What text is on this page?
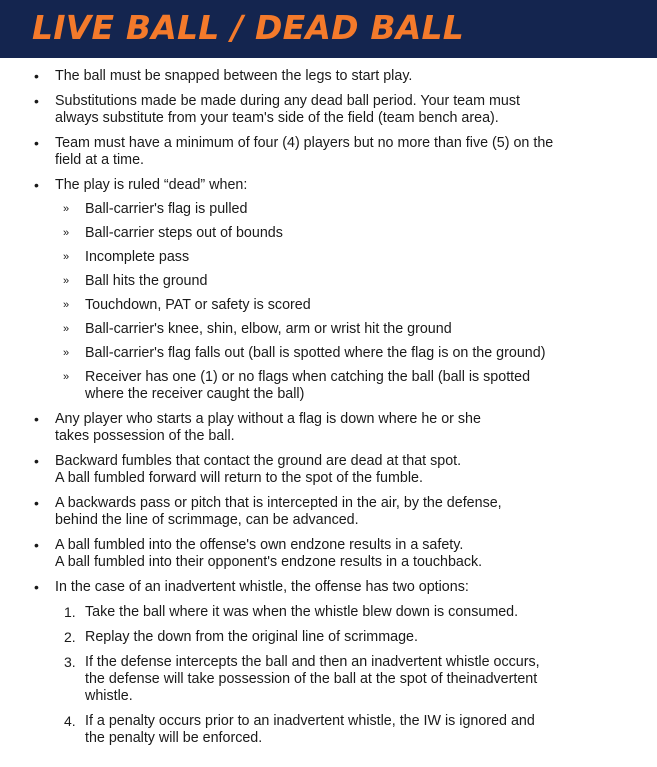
LIVE BALL / DEAD BALL
• The ball must be snapped between the legs to start play.
• Substitutions made be made during any dead ball period. Your team must
always substitute from your team's side of the field (team bench area).
• Team must have a minimum of four (4) players but no more than five (5) on the
field at a time.
• The play is ruled “dead” when:
» Ball-carrier's flag is pulled
» Ball-carrier steps out of bounds
» Incomplete pass
» Ball hits the ground
» Touchdown, PAT or safety is scored
» Ball-carrier's knee, shin, elbow, arm or wrist hit the ground
» Ball-carrier's flag falls out (ball is spotted where the flag is on the ground)
» Receiver has one (1) or no flags when catching the ball (ball is spotted
where the receiver caught the ball)
• Any player who starts a play without a flag is down where he or she
takes possession of the ball.
• Backward fumbles that contact the ground are dead at that spot.
A ball fumbled forward will return to the spot of the fumble.
• A backwards pass or pitch that is intercepted in the air, by the defense,
behind the line of scrimmage, can be advanced.
• A ball fumbled into the offense's own endzone results in a safety.
A ball fumbled into their opponent's endzone results in a touchback.
• In the case of an inadvertent whistle, the offense has two options:
1. Take the ball where it was when the whistle blew down is consumed.
2. Replay the down from the original line of scrimmage.
3. If the defense intercepts the ball and then an inadvertent whistle occurs,
the defense will take possession of the ball at the spot of theinadvertent
whistle.
4. If a penalty occurs prior to an inadvertent whistle, the IW is ignored and
the penalty will be enforced.
